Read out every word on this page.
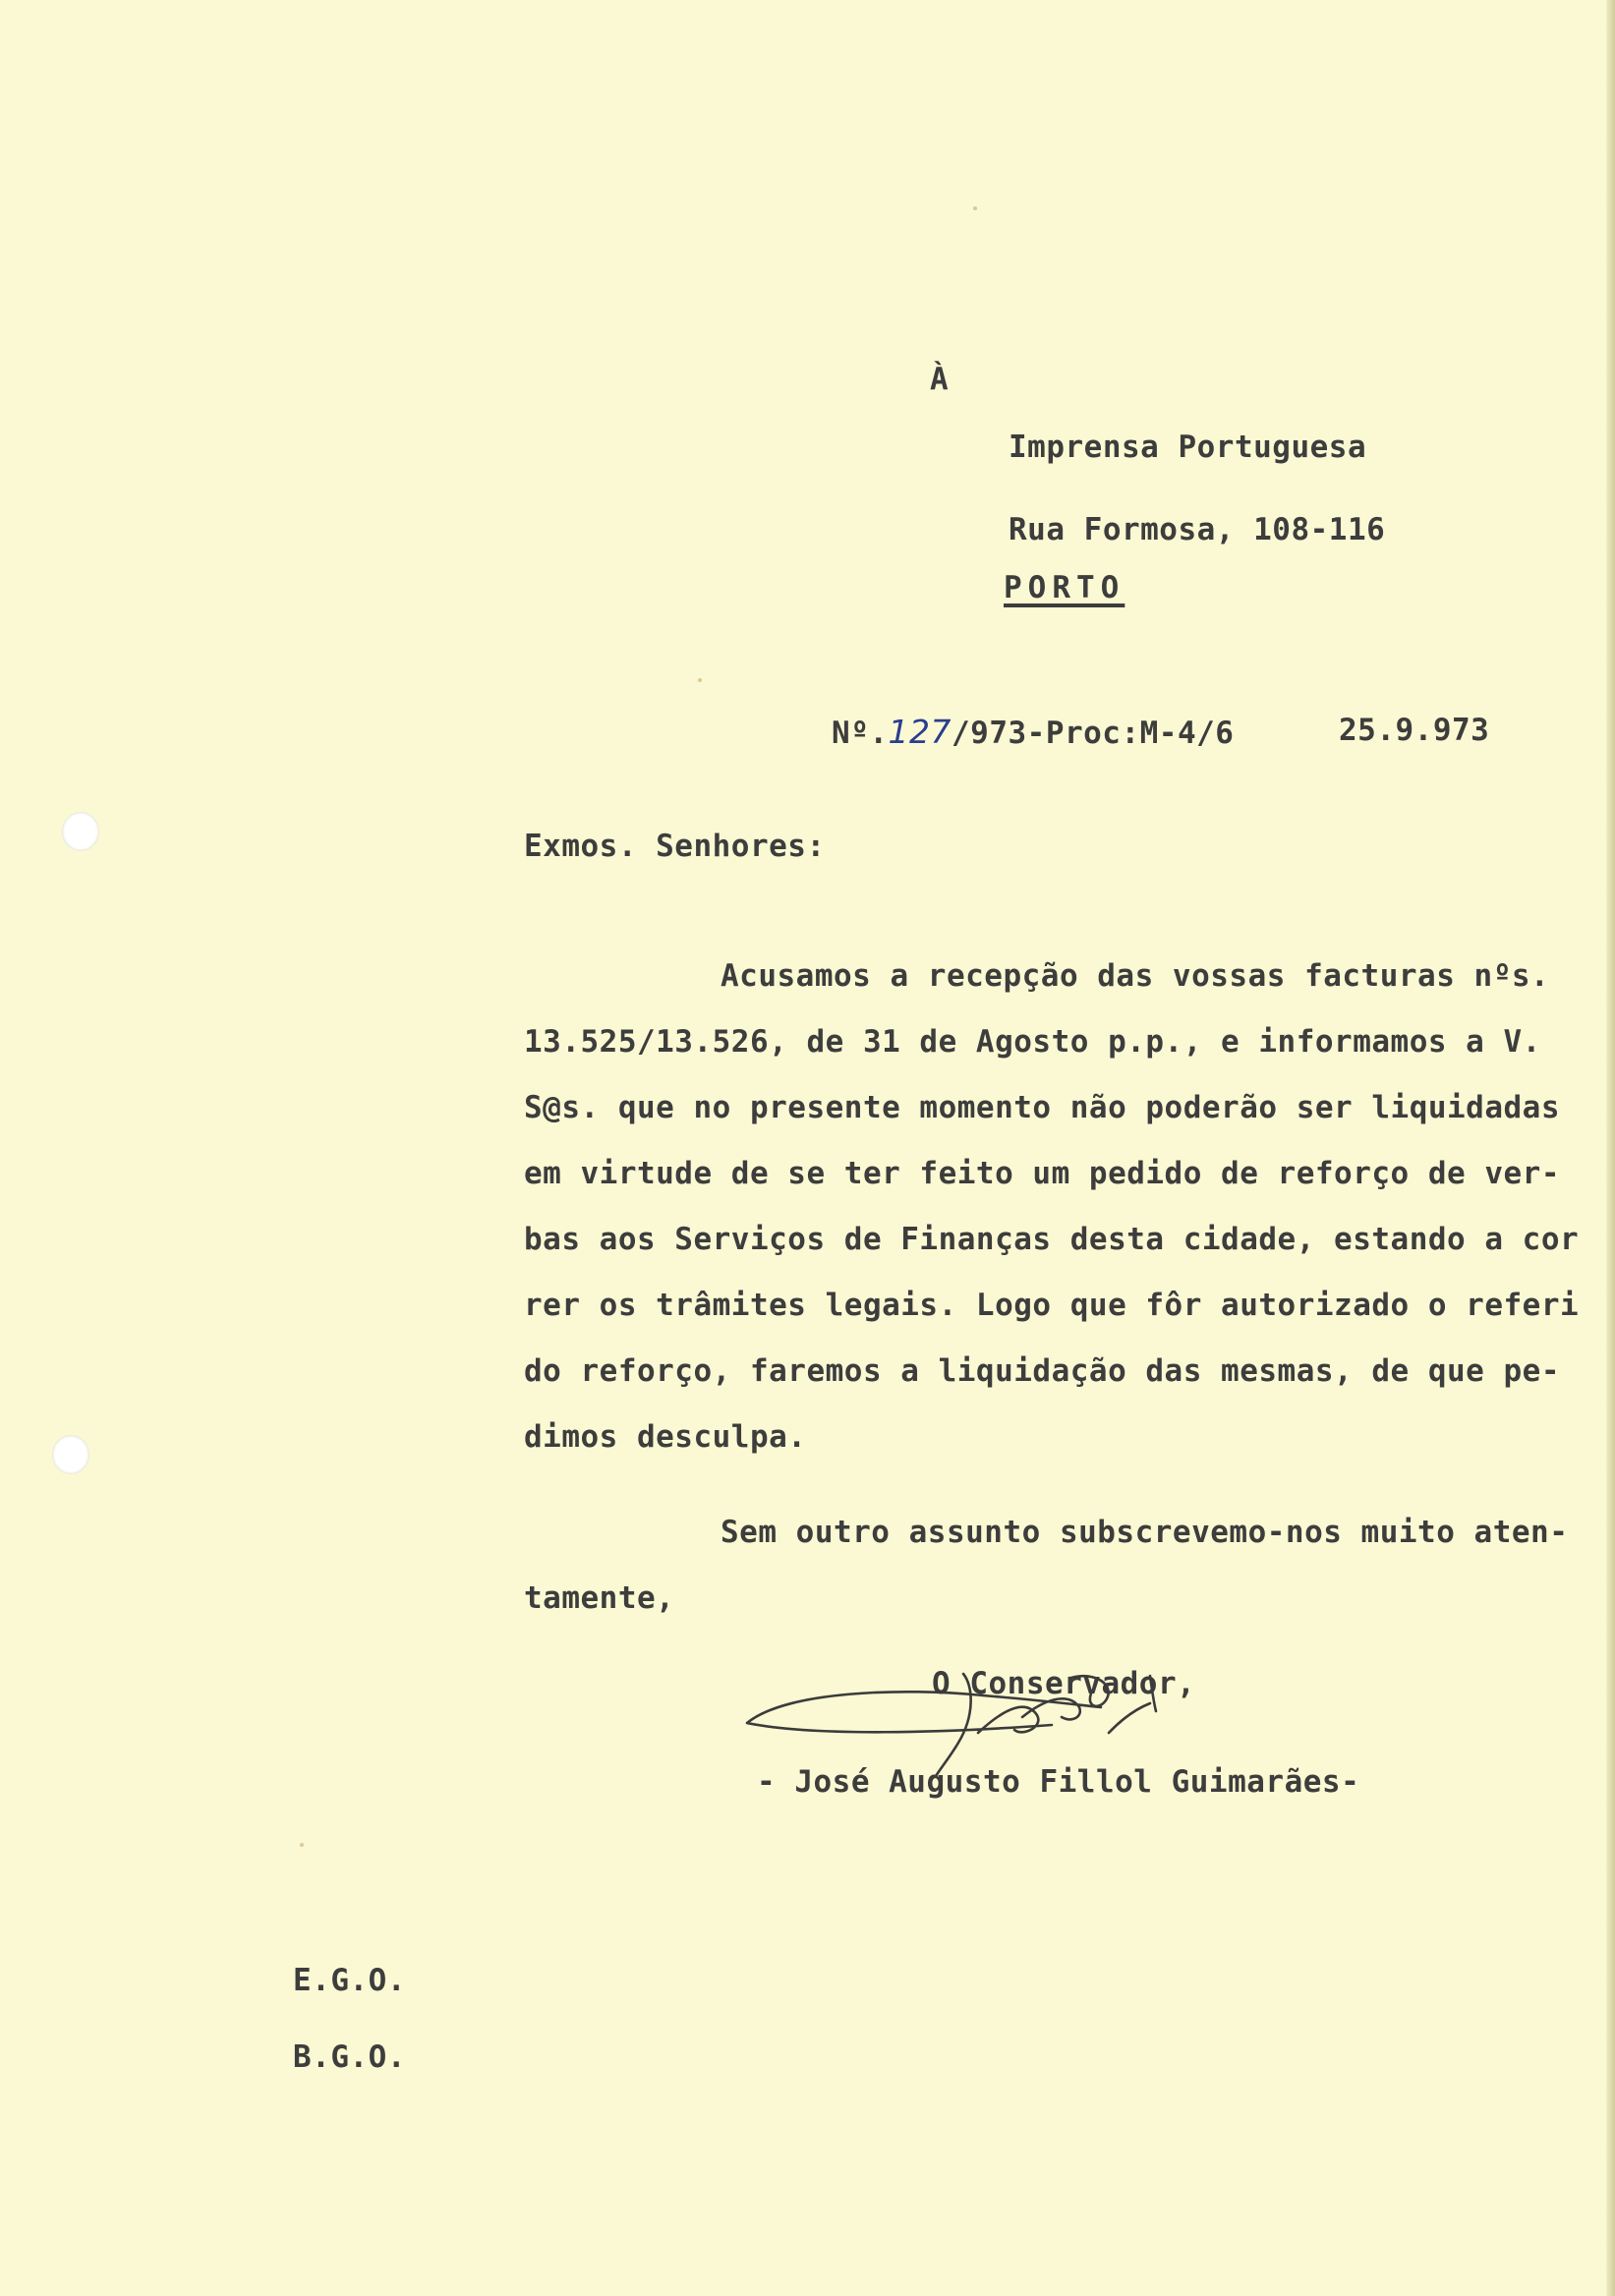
À

Imprensa Portuguesa

Rua Formosa, 108-116

PORTO

Nº.127/973-Proc:M-4/6	25.9.973

Exmos. Senhores:

Acusamos a recepção das vossas facturas nºs.

13.525/13.526, de 31 de Agosto p.p., e informamos a V.

S@s. que no presente momento não poderão ser liquidadas

em virtude de se ter feito um pedido de reforço de ver-

bas aos Serviços de Finanças desta cidade, estando a cor

rer os trâmites legais. Logo que fôr autorizado o referi

do reforço, faremos a liquidação das mesmas, de que pe-

dimos desculpa.

Sem outro assunto subscrevemo-nos muito aten-

tamente,

O Conservador,

- José Augusto Fillol Guimarães-

E.G.O.

B.G.O.
